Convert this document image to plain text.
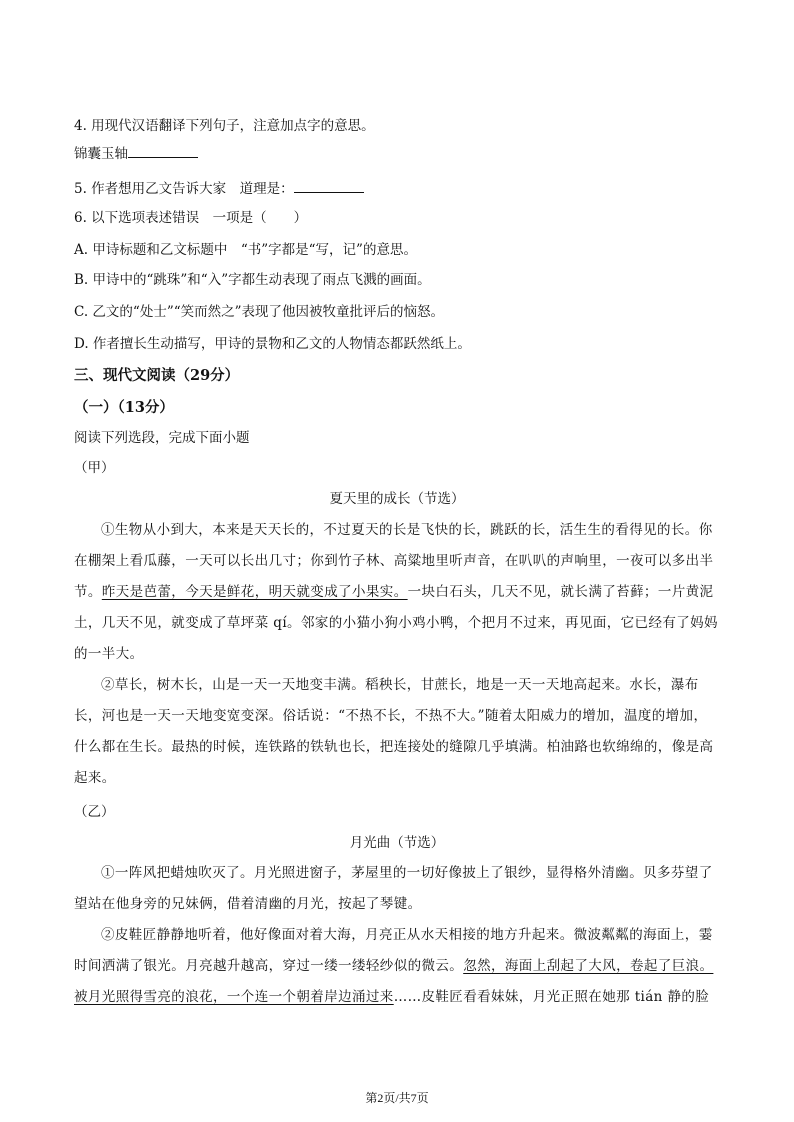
4. 用现代汉语翻译下列句子，注意加点字的意思。
锦囊玉轴
5. 作者想用乙文告诉大家　道理是：
6. 以下选项表述错误　一项是（　　）
A. 甲诗标题和乙文标题中　“书”字都是“写，记”的意思。
B. 甲诗中的“跳珠”和“入”字都生动表现了雨点飞溅的画面。
C. 乙文的“处士”“笑而然之”表现了他因被牧童批评后的恼怒。
D. 作者擅长生动描写，甲诗的景物和乙文的人物情态都跃然纸上。
三、现代文阅读（29分）
（一）（13分）
阅读下列选段，完成下面小题
（甲）
夏天里的成长（节选）

①生物从小到大，本来是天天长的，不过夏天的长是飞快的长，跳跃的长，活生生的看得见的长。你在棚架上看瓜藤，一天可以长出几寸；你到竹子林、高粱地里听声音，在叭叭的声响里，一夜可以多出半节。昨天是芭蕾，今天是鲜花，明天就变成了小果实。一块白石头，几天不见，就长满了苔藓；一片黄泥土，几天不见，就变成了草坪菜 qí。邻家的小猫小狗小鸡小鸭，个把月不过来，再见面，它已经有了妈妈的一半大。

②草长，树木长，山是一天一天地变丰满。稻秧长，甘蔗长，地是一天一天地高起来。水长，瀑布长，河也是一天一天地变宽变深。俗话说：“不热不长，不热不大。”随着太阳威力的增加，温度的增加，什么都在生长。最热的时候，连铁路的铁轨也长，把连接处的缝隙几乎填满。柏油路也软绵绵的，像是高起来。

（乙）
月光曲（节选）

①一阵风把蜡烛吹灭了。月光照进窗子，茅屋里的一切好像披上了银纱，显得格外清幽。贝多芬望了望站在他身旁的兄妹俩，借着清幽的月光，按起了琴键。

②皮鞋匠静静地听着，他好像面对着大海，月亮正从水天相接的地方升起来。微波粼粼的海面上，霎时间洒满了银光。月亮越升越高，穿过一缕一缕轻纱似的微云。忽然，海面上刮起了大风，卷起了巨浪。被月光照得雪亮的浪花，一个连一个朝着岸边涌过来……皮鞋匠看看妹妹，月光正照在她那 tián 静的脸

第2页/共7页
